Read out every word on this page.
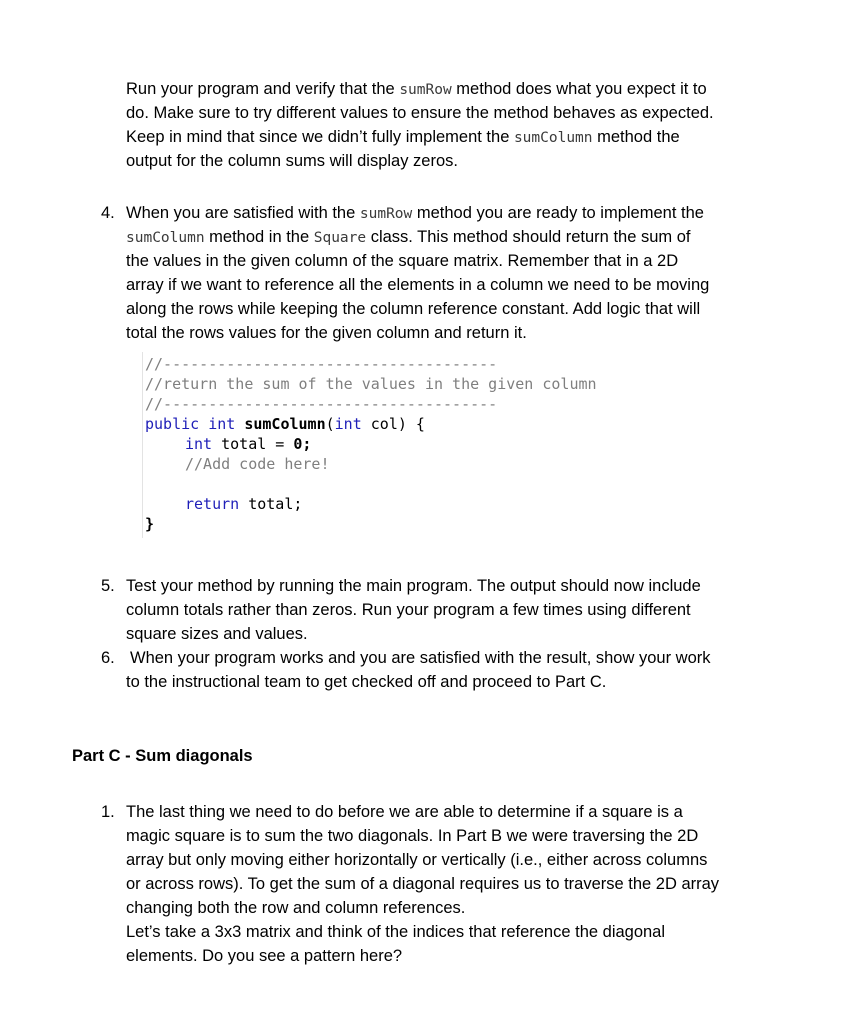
Run your program and verify that the sumRow method does what you expect it to
do. Make sure to try different values to ensure the method behaves as expected.
Keep in mind that since we didn’t fully implement the sumColumn method the
output for the column sums will display zeros.
4. When you are satisfied with the sumRow method you are ready to implement the
sumColumn method in the Square class. This method should return the sum of
the values in the given column of the square matrix. Remember that in a 2D
array if we want to reference all the elements in a column we need to be moving
along the rows while keeping the column reference constant. Add logic that will
total the rows values for the given column and return it.
//-------------------------------------
//return the sum of the values in the given column
//-------------------------------------
public int sumColumn(int col) {
int total = 0;
//Add code here!
return total;
}
5. Test your method by running the main program. The output should now include
column totals rather than zeros. Run your program a few times using different
square sizes and values.
6. When your program works and you are satisfied with the result, show your work
to the instructional team to get checked off and proceed to Part C.
Part C - Sum diagonals
1. The last thing we need to do before we are able to determine if a square is a
magic square is to sum the two diagonals. In Part B we were traversing the 2D
array but only moving either horizontally or vertically (i.e., either across columns
or across rows). To get the sum of a diagonal requires us to traverse the 2D array
changing both the row and column references.
Let’s take a 3x3 matrix and think of the indices that reference the diagonal
elements. Do you see a pattern here?
